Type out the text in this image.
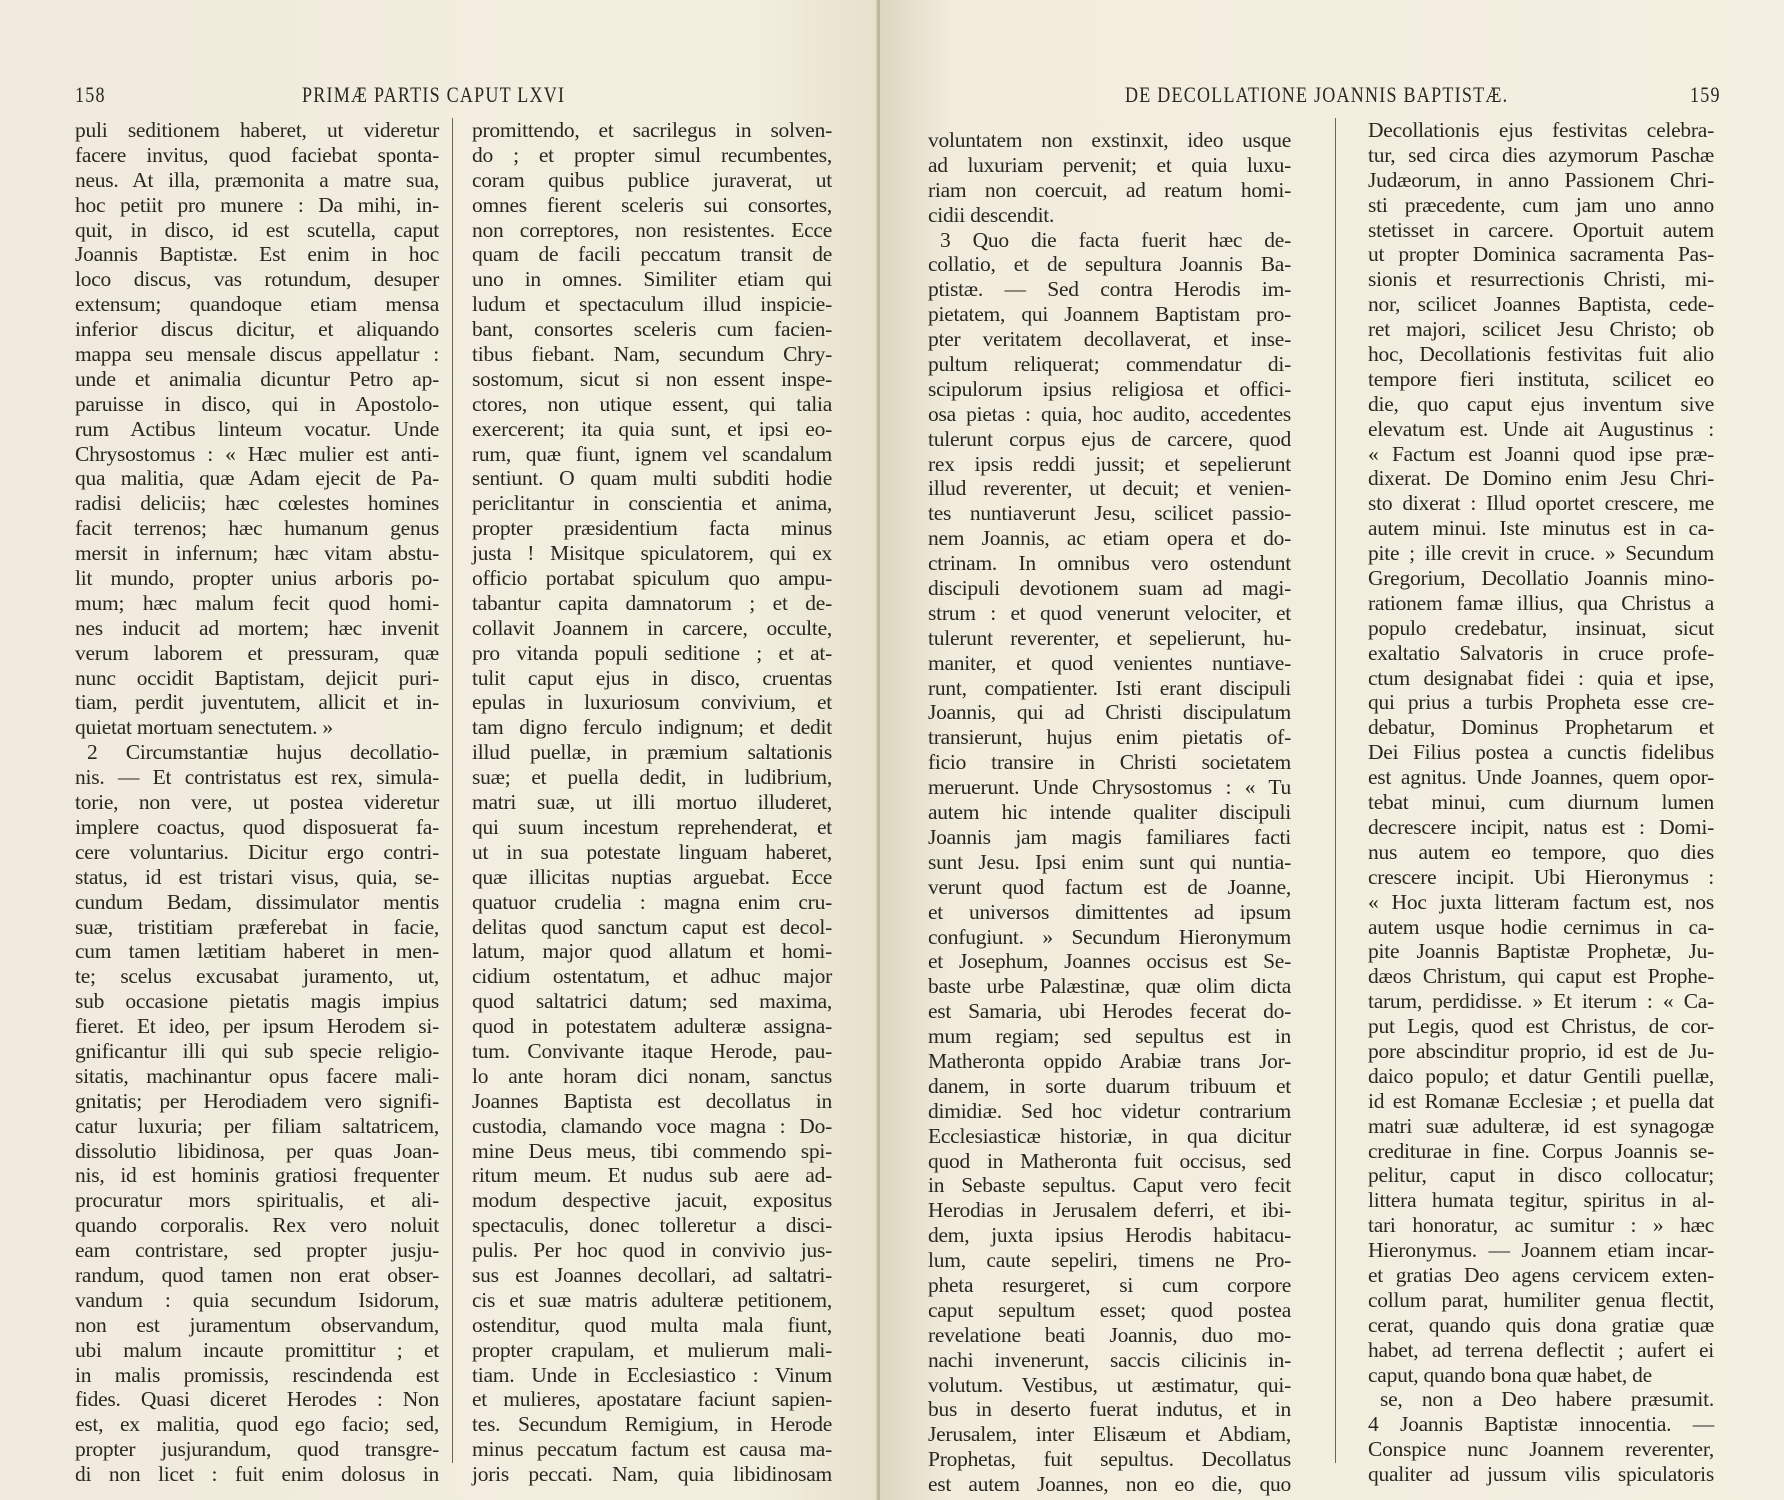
158	PRIMÆ PARTIS CAPUT LXVI
puli seditionem haberet, ut videretur
facere invitus, quod faciebat sponta-
neus. At illa, præmonita a matre sua,
hoc petiit pro munere : Da mihi, in-
quit, in disco, id est scutella, caput
Joannis Baptistæ. Est enim in hoc
loco discus, vas rotundum, desuper
extensum; quandoque etiam mensa
inferior discus dicitur, et aliquando
mappa seu mensale discus appellatur :
unde et animalia dicuntur Petro ap-
paruisse in disco, qui in Apostolo-
rum Actibus linteum vocatur. Unde
Chrysostomus : « Hæc mulier est anti-
qua malitia, quæ Adam ejecit de Pa-
radisi deliciis; hæc cœlestes homines
facit terrenos; hæc humanum genus
mersit in infernum; hæc vitam abstu-
lit mundo, propter unius arboris po-
mum; hæc malum fecit quod homi-
nes inducit ad mortem; hæc invenit
verum laborem et pressuram, quæ
nunc occidit Baptistam, dejicit puri-
tiam, perdit juventutem, allicit et in-
quietat mortuam senectutem. »
2 Circumstantiæ hujus decollatio-
nis. — Et contristatus est rex, simula-
torie, non vere, ut postea videretur
implere coactus, quod disposuerat fa-
cere voluntarius. Dicitur ergo contri-
status, id est tristari visus, quia, se-
cundum Bedam, dissimulator mentis
suæ, tristitiam præferebat in facie,
cum tamen lætitiam haberet in men-
te; scelus excusabat juramento, ut,
sub occasione pietatis magis impius
fieret. Et ideo, per ipsum Herodem si-
gnificantur illi qui sub specie religio-
sitatis, machinantur opus facere mali-
gnitatis; per Herodiadem vero signifi-
catur luxuria; per filiam saltatricem,
dissolutio libidinosa, per quas Joan-
nis, id est hominis gratiosi frequenter
procuratur mors spiritualis, et ali-
quando corporalis. Rex vero noluit
eam contristare, sed propter jusju-
randum, quod tamen non erat obser-
vandum : quia secundum Isidorum,
non est juramentum observandum,
ubi malum incaute promittitur ; et
in malis promissis, rescindenda est
fides. Quasi diceret Herodes : Non
est, ex malitia, quod ego facio; sed,
propter jusjurandum, quod transgre-
di non licet : fuit enim dolosus in
promittendo, et sacrilegus in solven-
do ; et propter simul recumbentes,
coram quibus publice juraverat, ut
omnes fierent sceleris sui consortes,
non correptores, non resistentes. Ecce
quam de facili peccatum transit de
uno in omnes. Similiter etiam qui
ludum et spectaculum illud inspicie-
bant, consortes sceleris cum facien-
tibus fiebant. Nam, secundum Chry-
sostomum, sicut si non essent inspe-
ctores, non utique essent, qui talia
exercerent; ita quia sunt, et ipsi eo-
rum, quæ fiunt, ignem vel scandalum
sentiunt. O quam multi subditi hodie
periclitantur in conscientia et anima,
propter præsidentium facta minus
justa ! Misitque spiculatorem, qui ex
officio portabat spiculum quo ampu-
tabantur capita damnatorum ; et de-
collavit Joannem in carcere, occulte,
pro vitanda populi seditione ; et at-
tulit caput ejus in disco, cruentas
epulas in luxuriosum convivium, et
tam digno ferculo indignum; et dedit
illud puellæ, in præmium saltationis
suæ; et puella dedit, in ludibrium,
matri suæ, ut illi mortuo illuderet,
qui suum incestum reprehenderat, et
ut in sua potestate linguam haberet,
quæ illicitas nuptias arguebat. Ecce
quatuor crudelia : magna enim cru-
delitas quod sanctum caput est decol-
latum, major quod allatum et homi-
cidium ostentatum, et adhuc major
quod saltatrici datum; sed maxima,
quod in potestatem adulteræ assigna-
tum. Convivante itaque Herode, pau-
lo ante horam dici nonam, sanctus
Joannes Baptista est decollatus in
custodia, clamando voce magna : Do-
mine Deus meus, tibi commendo spi-
ritum meum. Et nudus sub aere ad-
modum despective jacuit, expositus
spectaculis, donec tolleretur a disci-
pulis. Per hoc quod in convivio jus-
sus est Joannes decollari, ad saltatri-
cis et suæ matris adulteræ petitionem,
ostenditur, quod multa mala fiunt,
propter crapulam, et mulierum mali-
tiam. Unde in Ecclesiastico : Vinum
et mulieres, apostatare faciunt sapien-
tes. Secundum Remigium, in Herode
minus peccatum factum est causa ma-
joris peccati. Nam, quia libidinosam
DE DECOLLATIONE JOANNIS BAPTISTÆ.	159
voluntatem non exstinxit, ideo usque
ad luxuriam pervenit; et quia luxu-
riam non coercuit, ad reatum homi-
cidii descendit.
3 Quo die facta fuerit hæc de-
collatio, et de sepultura Joannis Ba-
ptistæ. — Sed contra Herodis im-
pietatem, qui Joannem Baptistam pro-
pter veritatem decollaverat, et inse-
pultum reliquerat; commendatur di-
scipulorum ipsius religiosa et offici-
osa pietas : quia, hoc audito, accedentes
tulerunt corpus ejus de carcere, quod
rex ipsis reddi jussit; et sepelierunt
illud reverenter, ut decuit; et venien-
tes nuntiaverunt Jesu, scilicet passio-
nem Joannis, ac etiam opera et do-
ctrinam. In omnibus vero ostendunt
discipuli devotionem suam ad magi-
strum : et quod venerunt velociter, et
tulerunt reverenter, et sepelierunt, hu-
maniter, et quod venientes nuntiave-
runt, compatienter. Isti erant discipuli
Joannis, qui ad Christi discipulatum
transierunt, hujus enim pietatis of-
ficio transire in Christi societatem
meruerunt. Unde Chrysostomus : « Tu
autem hic intende qualiter discipuli
Joannis jam magis familiares facti
sunt Jesu. Ipsi enim sunt qui nuntia-
verunt quod factum est de Joanne,
et universos dimittentes ad ipsum
confugiunt. » Secundum Hieronymum
et Josephum, Joannes occisus est Se-
baste urbe Palæstinæ, quæ olim dicta
est Samaria, ubi Herodes fecerat do-
mum regiam; sed sepultus est in
Matheronta oppido Arabiæ trans Jor-
danem, in sorte duarum tribuum et
dimidiæ. Sed hoc videtur contrarium
Ecclesiasticæ historiæ, in qua dicitur
quod in Matheronta fuit occisus, sed
in Sebaste sepultus. Caput vero fecit
Herodias in Jerusalem deferri, et ibi-
dem, juxta ipsius Herodis habitacu-
lum, caute sepeliri, timens ne Pro-
pheta resurgeret, si cum corpore
caput sepultum esset; quod postea
revelatione beati Joannis, duo mo-
nachi invenerunt, saccis cilicinis in-
volutum. Vestibus, ut æstimatur, qui-
bus in deserto fuerat indutus, et in
Jerusalem, inter Elisæum et Abdiam,
Prophetas, fuit sepultus. Decollatus
est autem Joannes, non eo die, quo
Decollationis ejus festivitas celebra-
tur, sed circa dies azymorum Paschæ
Judæorum, in anno Passionem Chri-
sti præcedente, cum jam uno anno
stetisset in carcere. Oportuit autem
ut propter Dominica sacramenta Pas-
sionis et resurrectionis Christi, mi-
nor, scilicet Joannes Baptista, cede-
ret majori, scilicet Jesu Christo; ob
hoc, Decollationis festivitas fuit alio
tempore fieri instituta, scilicet eo
die, quo caput ejus inventum sive
elevatum est. Unde ait Augustinus :
« Factum est Joanni quod ipse præ-
dixerat. De Domino enim Jesu Chri-
sto dixerat : Illud oportet crescere, me
autem minui. Iste minutus est in ca-
pite ; ille crevit in cruce. » Secundum
Gregorium, Decollatio Joannis mino-
rationem famæ illius, qua Christus a
populo credebatur, insinuat, sicut
exaltatio Salvatoris in cruce profe-
ctum designabat fidei : quia et ipse,
qui prius a turbis Propheta esse cre-
debatur, Dominus Prophetarum et
Dei Filius postea a cunctis fidelibus
est agnitus. Unde Joannes, quem opor-
tebat minui, cum diurnum lumen
decrescere incipit, natus est : Domi-
nus autem eo tempore, quo dies
crescere incipit. Ubi Hieronymus :
« Hoc juxta litteram factum est, nos
autem usque hodie cernimus in ca-
pite Joannis Baptistæ Prophetæ, Ju-
dæos Christum, qui caput est Prophe-
tarum, perdidisse. » Et iterum : « Ca-
put Legis, quod est Christus, de cor-
pore abscinditur proprio, id est de Ju-
daico populo; et datur Gentili puellæ,
id est Romanæ Ecclesiæ ; et puella dat
matri suæ adulteræ, id est synagogæ
crediturae in fine. Corpus Joannis se-
pelitur, caput in disco collocatur;
littera humata tegitur, spiritus in al-
tari honoratur, ac sumitur : » hæc
Hieronymus. — Joannem etiam incar-
et gratias Deo agens cervicem exten-
collum parat, humiliter genua flectit,
cerat, quando quis dona gratiæ quæ
habet, ad terrena deflectit ; aufert ei
caput, quando bona quæ habet, de
se, non a Deo habere præsumit.
4 Joannis Baptistæ innocentia. —
Conspice nunc Joannem reverenter,
qualiter ad jussum vilis spiculatoris
